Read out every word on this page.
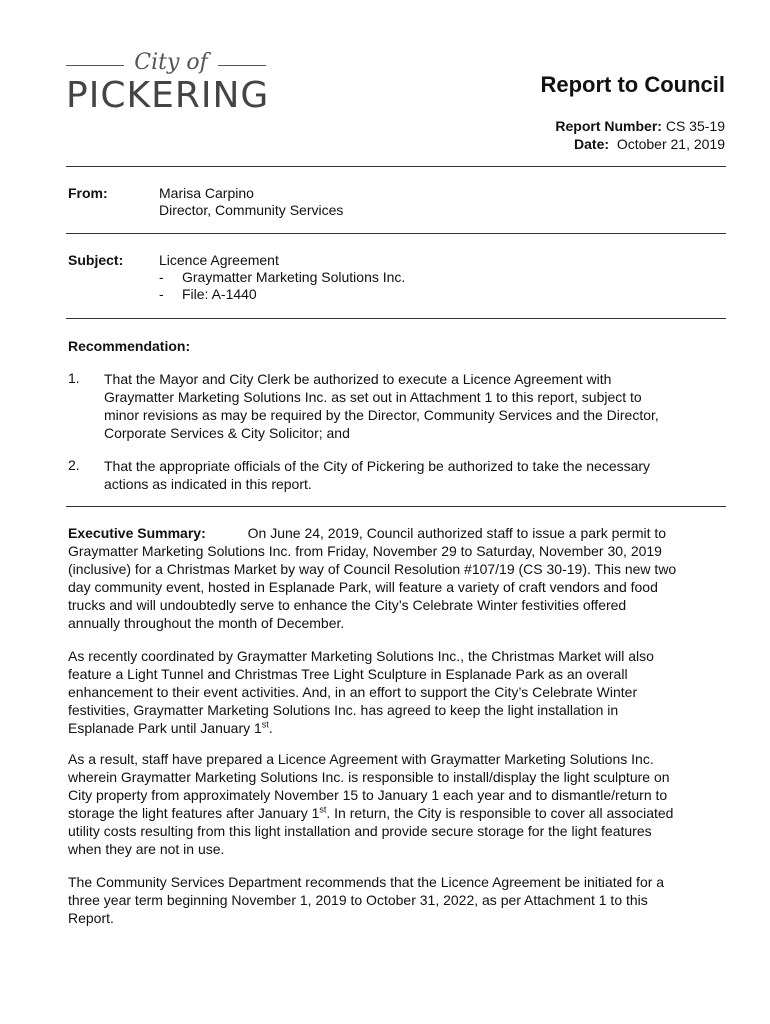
City of
PICKERING	Report to Council
Report Number: CS 35-19
Date: October 21, 2019
From:	Marisa Carpino
Director, Community Services
Subject:	Licence Agreement
- Graymatter Marketing Solutions Inc.
- File: A-1440
Recommendation:
1. That the Mayor and City Clerk be authorized to execute a Licence Agreement with
Graymatter Marketing Solutions Inc. as set out in Attachment 1 to this report, subject to
minor revisions as may be required by the Director, Community Services and the Director,
Corporate Services & City Solicitor; and
2. That the appropriate officials of the City of Pickering be authorized to take the necessary
actions as indicated in this report.
Executive Summary:	On June 24, 2019, Council authorized staff to issue a park permit to
Graymatter Marketing Solutions Inc. from Friday, November 29 to Saturday, November 30, 2019
(inclusive) for a Christmas Market by way of Council Resolution #107/19 (CS 30-19). This new two
day community event, hosted in Esplanade Park, will feature a variety of craft vendors and food
trucks and will undoubtedly serve to enhance the City’s Celebrate Winter festivities offered
annually throughout the month of December.
As recently coordinated by Graymatter Marketing Solutions Inc., the Christmas Market will also
feature a Light Tunnel and Christmas Tree Light Sculpture in Esplanade Park as an overall
enhancement to their event activities. And, in an effort to support the City’s Celebrate Winter
festivities, Graymatter Marketing Solutions Inc. has agreed to keep the light installation in
Esplanade Park until January 1st.
As a result, staff have prepared a Licence Agreement with Graymatter Marketing Solutions Inc.
wherein Graymatter Marketing Solutions Inc. is responsible to install/display the light sculpture on
City property from approximately November 15 to January 1 each year and to dismantle/return to
storage the light features after January 1st. In return, the City is responsible to cover all associated
utility costs resulting from this light installation and provide secure storage for the light features
when they are not in use.
The Community Services Department recommends that the Licence Agreement be initiated for a
three year term beginning November 1, 2019 to October 31, 2022, as per Attachment 1 to this
Report.
